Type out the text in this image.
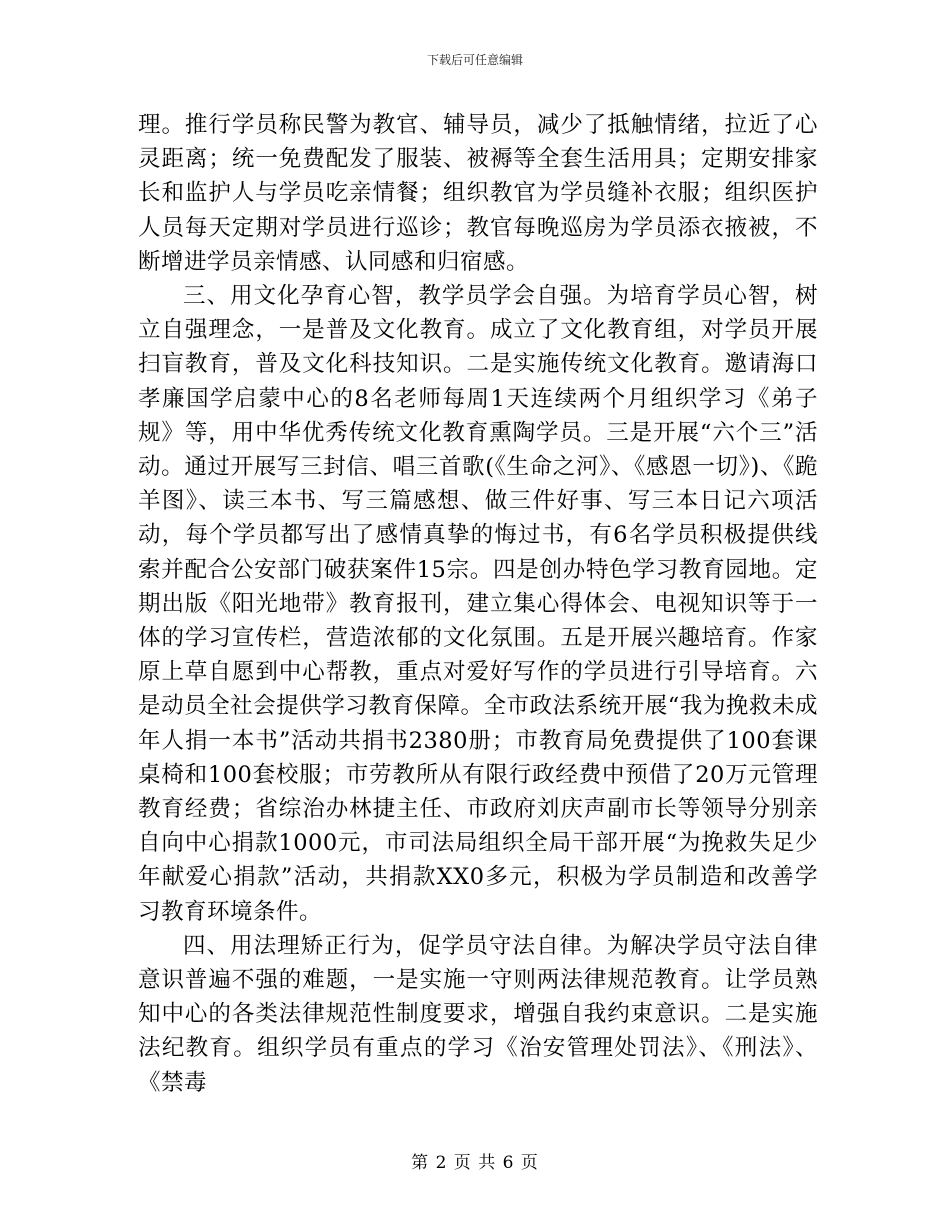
下载后可任意编辑

理。推行学员称民警为教官、辅导员，减少了抵触情绪，拉近了心灵距离；统一免费配发了服装、被褥等全套生活用具；定期安排家长和监护人与学员吃亲情餐；组织教官为学员缝补衣服；组织医护人员每天定期对学员进行巡诊；教官每晚巡房为学员添衣掖被，不断增进学员亲情感、认同感和归宿感。

三、用文化孕育心智，教学员学会自强。为培育学员心智，树立自强理念，一是普及文化教育。成立了文化教育组，对学员开展扫盲教育，普及文化科技知识。二是实施传统文化教育。邀请海口孝廉国学启蒙中心的8名老师每周1天连续两个月组织学习《弟子规》等，用中华优秀传统文化教育熏陶学员。三是开展“六个三”活动。通过开展写三封信、唱三首歌(《生命之河》、《感恩一切》)、《跪羊图》、读三本书、写三篇感想、做三件好事、写三本日记六项活动，每个学员都写出了感情真挚的悔过书，有6名学员积极提供线索并配合公安部门破获案件15宗。四是创办特色学习教育园地。定期出版《阳光地带》教育报刊，建立集心得体会、电视知识等于一体的学习宣传栏，营造浓郁的文化氛围。五是开展兴趣培育。作家原上草自愿到中心帮教，重点对爱好写作的学员进行引导培育。六是动员全社会提供学习教育保障。全市政法系统开展“我为挽救未成年人捐一本书”活动共捐书2380册；市教育局免费提供了100套课桌椅和100套校服；市劳教所从有限行政经费中预借了20万元管理教育经费；省综治办林捷主任、市政府刘庆声副市长等领导分别亲自向中心捐款1000元，市司法局组织全局干部开展“为挽救失足少年献爱心捐款”活动，共捐款XX0多元，积极为学员制造和改善学习教育环境条件。

四、用法理矫正行为，促学员守法自律。为解决学员守法自律意识普遍不强的难题，一是实施一守则两法律规范教育。让学员熟知中心的各类法律规范性制度要求，增强自我约束意识。二是实施法纪教育。组织学员有重点的学习《治安管理处罚法》、《刑法》、《禁毒

第 2 页 共 6 页
